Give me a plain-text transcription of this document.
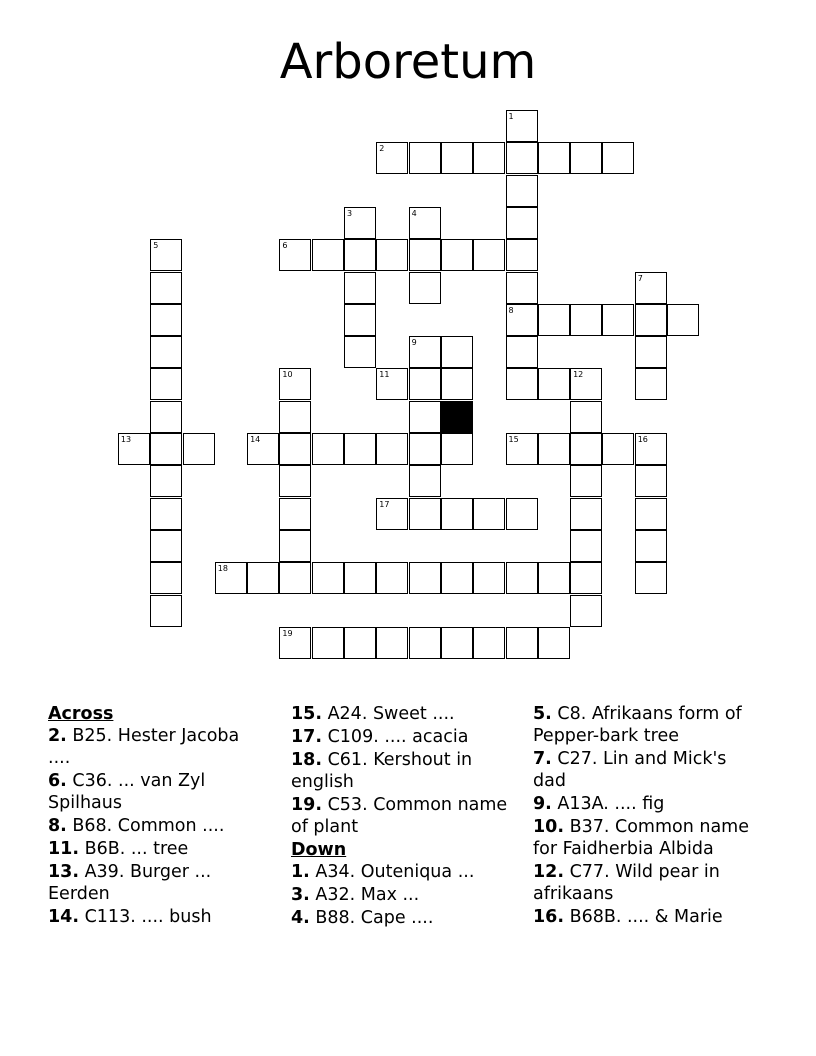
Arboretum
1
2
3	4
5	6
7
8
9
10	11	12
13	14	15	16
17
18
19
Across
2. B25. Hester Jacoba ....
6. C36. ... van Zyl Spilhaus
8. B68. Common ....
11. B6B. ... tree
13. A39. Burger ... Eerden
14. C113. .... bush
15. A24. Sweet ....
17. C109. .... acacia
18. C61. Kershout in english
19. C53. Common name of plant
Down
1. A34. Outeniqua ...
3. A32. Max ...
4. B88. Cape ....
5. C8. Afrikaans form of Pepper-bark tree
7. C27. Lin and Mick's dad
9. A13A. .... fig
10. B37. Common name for Faidherbia Albida
12. C77. Wild pear in afrikaans
16. B68B. .... & Marie
